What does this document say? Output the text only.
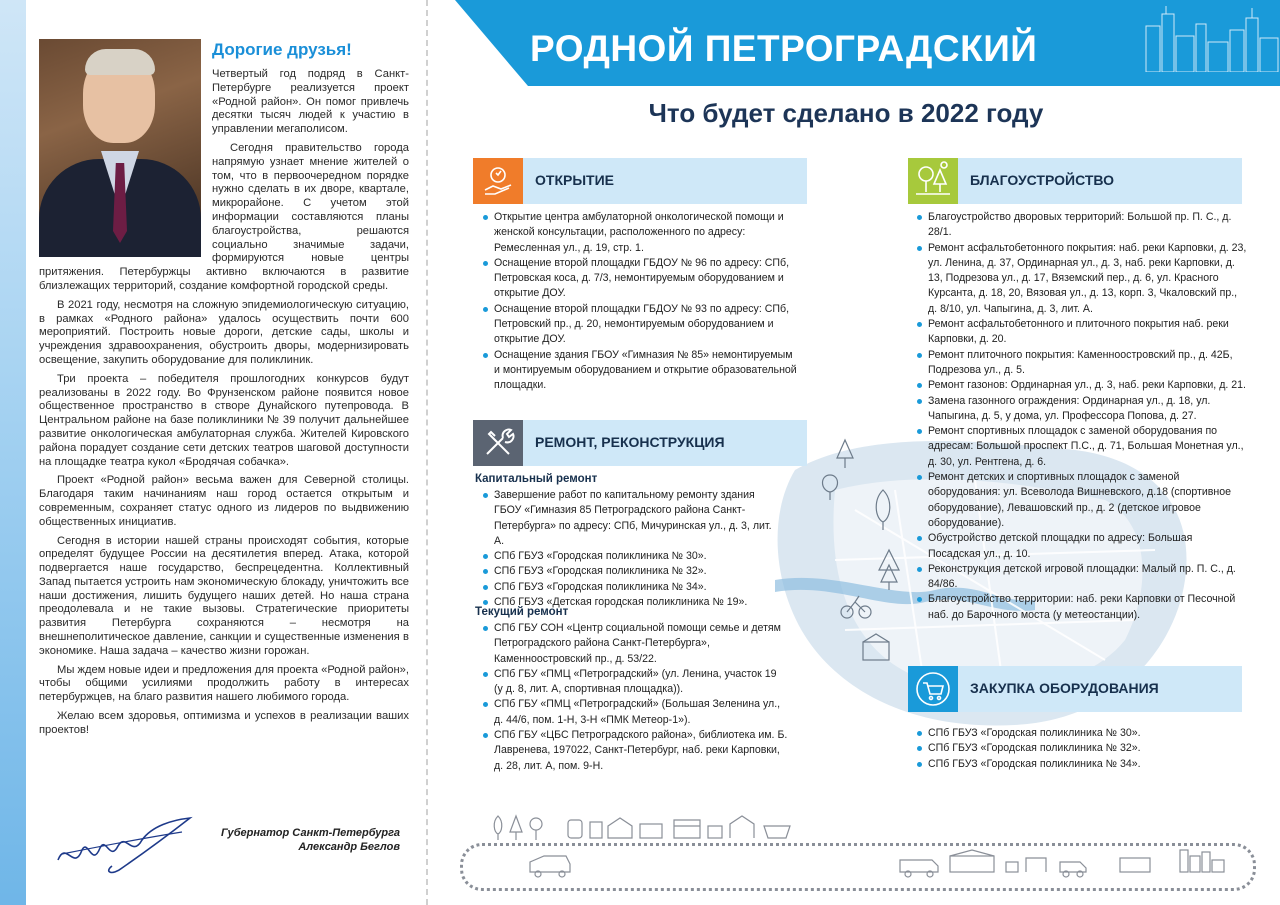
Дорогие друзья!

Четвертый год подряд в Санкт-Петербурге реализуется проект «Родной район». Он помог привлечь десятки тысяч людей к участию в управлении мегаполисом.

Сегодня правительство города напрямую узнает мнение жителей о том, что в первоочередном порядке нужно сделать в их дворе, квартале, микрорайоне. С учетом этой информации составляются планы благоустройства, решаются социально значимые задачи, формируются новые центры притяжения. Петербуржцы активно включаются в развитие близлежащих территорий, создание комфортной городской среды.

В 2021 году, несмотря на сложную эпидемиологическую ситуацию, в рамках «Родного района» удалось осуществить почти 600 мероприятий. Построить новые дороги, детские сады, школы и учреждения здравоохранения, обустроить дворы, модернизировать освещение, закупить оборудование для поликлиник.

Три проекта – победителя прошлогодних конкурсов будут реализованы в 2022 году. Во Фрунзенском районе появится новое общественное пространство в створе Дунайского путепровода. В Центральном районе на базе поликлиники № 39 получит дальнейшее развитие онкологическая амбулаторная служба. Жителей Кировского района порадует создание сети детских театров шаговой доступности на площадке театра кукол «Бродячая собачка».

Проект «Родной район» весьма важен для Северной столицы. Благодаря таким начинаниям наш город остается открытым и современным, сохраняет статус одного из лидеров по выдвижению общественных инициатив.

Сегодня в истории нашей страны происходят события, которые определят будущее России на десятилетия вперед. Атака, которой подвергается наше государство, беспрецедентна. Коллективный Запад пытается устроить нам экономическую блокаду, уничтожить все наши достижения, лишить будущего наших детей. Но наша страна преодолевала и не такие вызовы. Стратегические приоритеты развития Петербурга сохраняются – несмотря на внешнеполитическое давление, санкции и существенные изменения в экономике. Наша задача – качество жизни горожан.

Мы ждем новые идеи и предложения для проекта «Родной район», чтобы общими усилиями продолжить работу в интересах петербуржцев, на благо развития нашего любимого города.

Желаю всем здоровья, оптимизма и успехов в реализации ваших проектов!

Губернатор Санкт-Петербурга
Александр Беглов
РОДНОЙ ПЕТРОГРАДСКИЙ
Что будет сделано в 2022 году
ОТКРЫТИЕ
Открытие центра амбулаторной онкологической помощи и женской консультации, расположенного по адресу: Ремесленная ул., д. 19, стр. 1.
Оснащение второй площадки ГБДОУ № 96 по адресу: СПб, Петровская коса, д. 7/3, немонтируемым оборудованием и открытие ДОУ.
Оснащение второй площадки ГБДОУ № 93 по адресу: СПб, Петровский пр., д. 20, немонтируемым оборудованием и открытие ДОУ.
Оснащение здания ГБОУ «Гимназия № 85» немонтируемым и монтируемым оборудованием и открытие образовательной площадки.
РЕМОНТ, РЕКОНСТРУКЦИЯ
Капитальный ремонт
Завершение работ по капитальному ремонту здания ГБОУ «Гимназия 85 Петроградского района Санкт-Петербурга» по адресу: СПб, Мичуринская ул., д. 3, лит. А.
СПб ГБУЗ «Городская поликлиника № 30».
СПб ГБУЗ «Городская поликлиника № 32».
СПб ГБУЗ «Городская поликлиника № 34».
СПб ГБУЗ «Детская городская поликлиника № 19».
Текущий ремонт
СПб ГБУ СОН «Центр социальной помощи семье и детям Петроградского района Санкт-Петербурга», Каменноостровский пр., д. 53/22.
СПб ГБУ «ПМЦ «Петроградский» (ул. Ленина, участок 19 (у д. 8, лит. А, спортивная площадка)).
СПб ГБУ «ПМЦ «Петроградский» (Большая Зеленина ул., д. 44/6, пом. 1-Н, 3-Н «ПМК Метеор-1»).
СПб ГБУ «ЦБС Петроградского района», библиотека им. Б. Лавренева, 197022, Санкт-Петербург, наб. реки Карповки, д. 28, лит. А, пом. 9-Н.
БЛАГОУСТРОЙСТВО
Благоустройство дворовых территорий: Большой пр. П. С., д. 28/1.
Ремонт асфальтобетонного покрытия: наб. реки Карповки, д. 23, ул. Ленина, д. 37, Ординарная ул., д. 3, наб. реки Карповки, д. 13, Подрезова ул., д. 17, Вяземский пер., д. 6, ул. Красного Курсанта, д. 18, 20, Вязовая ул., д. 13, корп. 3, Чкаловский пр., д. 8/10, ул. Чапыгина, д. 3, лит. А.
Ремонт асфальтобетонного и плиточного покрытия наб. реки Карповки, д. 20.
Ремонт плиточного покрытия: Каменноостровский пр., д. 42Б, Подрезова ул., д. 5.
Ремонт газонов: Ординарная ул., д. 3, наб. реки Карповки, д. 21.
Замена газонного ограждения: Ординарная ул., д. 18, ул. Чапыгина, д. 5, у дома, ул. Профессора Попова, д. 27.
Ремонт спортивных площадок с заменой оборудования по адресам: Большой проспект П.С., д. 71, Большая Монетная ул., д. 30, ул. Рентгена, д. 6.
Ремонт детских и спортивных площадок с заменой оборудования: ул. Всеволода Вишневского, д.18 (спортивное оборудование), Левашовский пр., д. 2 (детское игровое оборудование).
Обустройство детской площадки по адресу: Большая Посадская ул., д. 10.
Реконструкция детской игровой площадки: Малый пр. П. С., д. 84/86.
Благоустройство территории: наб. реки Карповки от Песочной наб. до Барочного моста (у метеостанции).
ЗАКУПКА ОБОРУДОВАНИЯ
СПб ГБУЗ «Городская поликлиника № 30».
СПб ГБУЗ «Городская поликлиника № 32».
СПб ГБУЗ «Городская поликлиника № 34».
